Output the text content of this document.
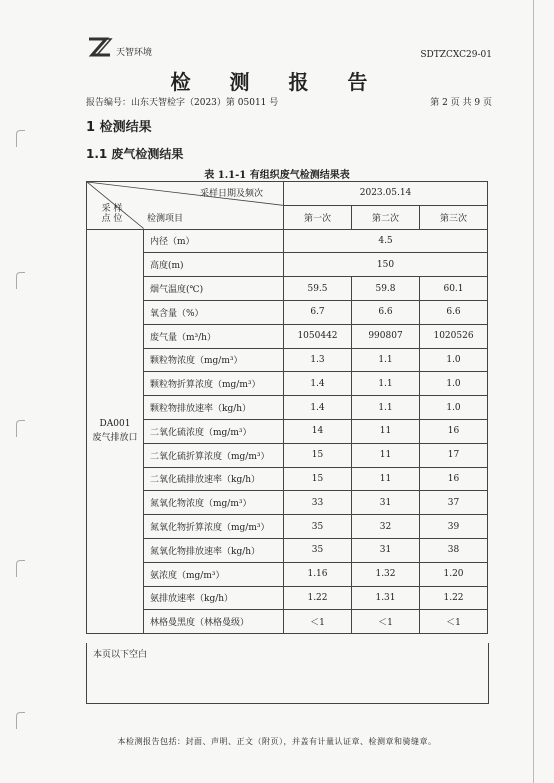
天智环境	SDTZCXC29-01
检 测 报 告
报告编号：山东天智检字（2023）第 05011 号	第 2 页 共 9 页
1 检测结果
1.1 废气检测结果
表 1.1-1 有组织废气检测结果表
采样日期及频次
检测项目
采 样
点 位		2023.05.14		
		第一次	第二次	第三次
DA001
废气排放口	内径（m）	4.5		
	高度(m)	150		
	烟气温度(℃)	59.5	59.8	60.1
	氧含量（%）	6.7	6.6	6.6
	废气量（m³/h）	1050442	990807	1020526
	颗粒物浓度（mg/m³）	1.3	1.1	1.0
	颗粒物折算浓度（mg/m³）	1.4	1.1	1.0
	颗粒物排放速率（kg/h）	1.4	1.1	1.0
	二氧化硫浓度（mg/m³）	14	11	16
	二氧化硫折算浓度（mg/m³）	15	11	17
	二氧化硫排放速率（kg/h）	15	11	16
	氮氧化物浓度（mg/m³）	33	31	37
	氮氧化物折算浓度（mg/m³）	35	32	39
	氮氧化物排放速率（kg/h）	35	31	38
	氨浓度（mg/m³）	1.16	1.32	1.20
	氨排放速率（kg/h）	1.22	1.31	1.22
	林格曼黑度（林格曼级）	＜1	＜1	＜1
本页以下空白
本检测报告包括：封面、声明、正文（附页），并盖有计量认证章、检测章和骑缝章。
